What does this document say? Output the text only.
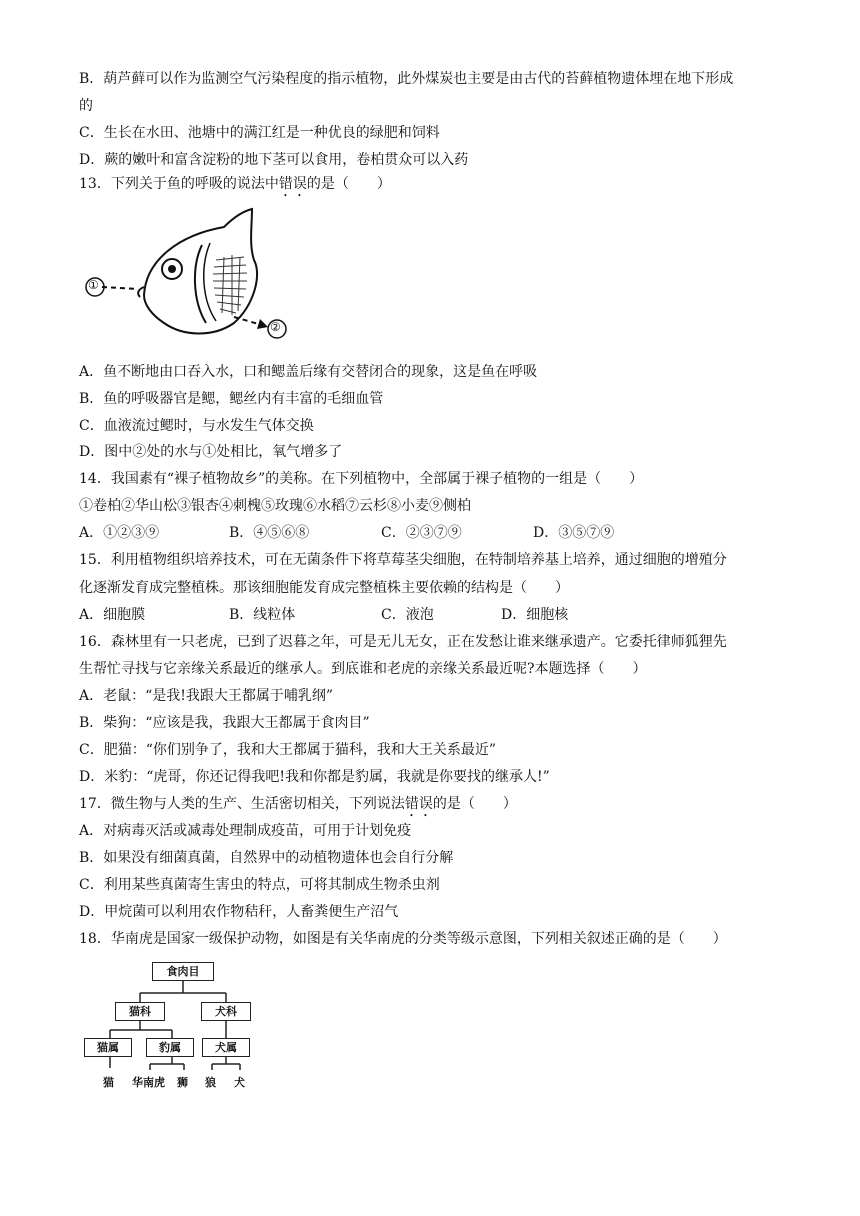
B．葫芦藓可以作为监测空气污染程度的指示植物，此外煤炭也主要是由古代的苔藓植物遗体埋在地下形成
的
C．生长在水田、池塘中的满江红是一种优良的绿肥和饲料
D．蕨的嫩叶和富含淀粉的地下茎可以食用，卷柏贯众可以入药
13．下列关于鱼的呼吸的说法中错误的是（　　）
①
②
A．鱼不断地由口吞入水，口和鳃盖后缘有交替闭合的现象，这是鱼在呼吸
B．鱼的呼吸器官是鳃，鳃丝内有丰富的毛细血管
C．血液流过鳃时，与水发生气体交换
D．图中②处的水与①处相比，氧气增多了
14．我国素有“裸子植物故乡”的美称。在下列植物中，全部属于裸子植物的一组是（　　）
①卷柏②华山松③银杏④刺槐⑤玫瑰⑥水稻⑦云杉⑧小麦⑨侧柏
A．①②③⑨	B．④⑤⑥⑧	C．②③⑦⑨	D．③⑤⑦⑨
15．利用植物组织培养技术，可在无菌条件下将草莓茎尖细胞，在特制培养基上培养，通过细胞的增殖分
化逐渐发育成完整植株。那该细胞能发育成完整植株主要依赖的结构是（　　）
A．细胞膜	B．线粒体	C．液泡	D．细胞核
16．森林里有一只老虎，已到了迟暮之年，可是无儿无女，正在发愁让谁来继承遗产。它委托律师狐狸先
生帮忙寻找与它亲缘关系最近的继承人。到底谁和老虎的亲缘关系最近呢?本题选择（　　）
A．老鼠：“是我!我跟大王都属于哺乳纲”
B．柴狗：“应该是我，我跟大王都属于食肉目”
C．肥猫：“你们别争了，我和大王都属于猫科，我和大王关系最近”
D．米豹：“虎哥，你还记得我吧!我和你都是豹属，我就是你要找的继承人!”
17．微生物与人类的生产、生活密切相关，下列说法错误的是（　　）
A．对病毒灭活或减毒处理制成疫苗，可用于计划免疫
B．如果没有细菌真菌，自然界中的动植物遗体也会自行分解
C．利用某些真菌寄生害虫的特点，可将其制成生物杀虫剂
D．甲烷菌可以利用农作物秸秆，人畜粪便生产沼气
18．华南虎是国家一级保护动物，如图是有关华南虎的分类等级示意图，下列相关叙述正确的是（　　）
食肉目
猫科	犬科
猫属	豹属	犬属
猫 华南虎 狮 狼 犬
